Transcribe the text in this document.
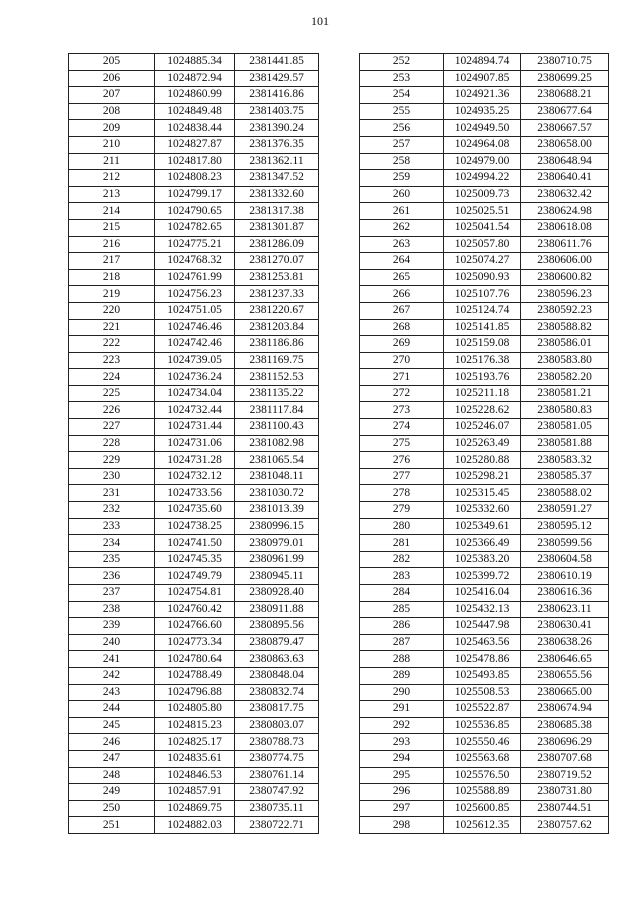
101
205	1024885.34	2381441.85
206	1024872.94	2381429.57
207	1024860.99	2381416.86
208	1024849.48	2381403.75
209	1024838.44	2381390.24
210	1024827.87	2381376.35
211	1024817.80	2381362.11
212	1024808.23	2381347.52
213	1024799.17	2381332.60
214	1024790.65	2381317.38
215	1024782.65	2381301.87
216	1024775.21	2381286.09
217	1024768.32	2381270.07
218	1024761.99	2381253.81
219	1024756.23	2381237.33
220	1024751.05	2381220.67
221	1024746.46	2381203.84
222	1024742.46	2381186.86
223	1024739.05	2381169.75
224	1024736.24	2381152.53
225	1024734.04	2381135.22
226	1024732.44	2381117.84
227	1024731.44	2381100.43
228	1024731.06	2381082.98
229	1024731.28	2381065.54
230	1024732.12	2381048.11
231	1024733.56	2381030.72
232	1024735.60	2381013.39
233	1024738.25	2380996.15
234	1024741.50	2380979.01
235	1024745.35	2380961.99
236	1024749.79	2380945.11
237	1024754.81	2380928.40
238	1024760.42	2380911.88
239	1024766.60	2380895.56
240	1024773.34	2380879.47
241	1024780.64	2380863.63
242	1024788.49	2380848.04
243	1024796.88	2380832.74
244	1024805.80	2380817.75
245	1024815.23	2380803.07
246	1024825.17	2380788.73
247	1024835.61	2380774.75
248	1024846.53	2380761.14
249	1024857.91	2380747.92
250	1024869.75	2380735.11
251	1024882.03	2380722.71
252	1024894.74	2380710.75
253	1024907.85	2380699.25
254	1024921.36	2380688.21
255	1024935.25	2380677.64
256	1024949.50	2380667.57
257	1024964.08	2380658.00
258	1024979.00	2380648.94
259	1024994.22	2380640.41
260	1025009.73	2380632.42
261	1025025.51	2380624.98
262	1025041.54	2380618.08
263	1025057.80	2380611.76
264	1025074.27	2380606.00
265	1025090.93	2380600.82
266	1025107.76	2380596.23
267	1025124.74	2380592.23
268	1025141.85	2380588.82
269	1025159.08	2380586.01
270	1025176.38	2380583.80
271	1025193.76	2380582.20
272	1025211.18	2380581.21
273	1025228.62	2380580.83
274	1025246.07	2380581.05
275	1025263.49	2380581.88
276	1025280.88	2380583.32
277	1025298.21	2380585.37
278	1025315.45	2380588.02
279	1025332.60	2380591.27
280	1025349.61	2380595.12
281	1025366.49	2380599.56
282	1025383.20	2380604.58
283	1025399.72	2380610.19
284	1025416.04	2380616.36
285	1025432.13	2380623.11
286	1025447.98	2380630.41
287	1025463.56	2380638.26
288	1025478.86	2380646.65
289	1025493.85	2380655.56
290	1025508.53	2380665.00
291	1025522.87	2380674.94
292	1025536.85	2380685.38
293	1025550.46	2380696.29
294	1025563.68	2380707.68
295	1025576.50	2380719.52
296	1025588.89	2380731.80
297	1025600.85	2380744.51
298	1025612.35	2380757.62
